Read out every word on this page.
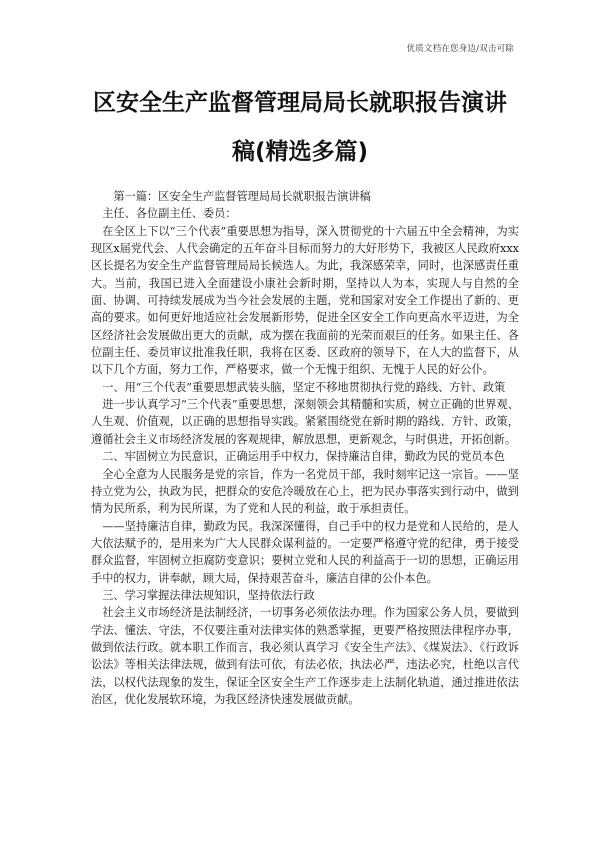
优质文档在您身边/双击可除
区安全生产监督管理局局长就职报告演讲
稿(精选多篇)

第一篇：区安全生产监督管理局局长就职报告演讲稿

主任、各位副主任、委员：

在全区上下以“三个代表”重要思想为指导，深入贯彻党的十六届五中全会精神，为实现区x届党代会、人代会确定的五年奋斗目标而努力的大好形势下，我被区人民政府xxx区长提名为安全生产监督管理局局长候选人。为此，我深感荣幸，同时，也深感责任重大。当前，我国已进入全面建设小康社会新时期，坚持以人为本，实现人与自然的全面、协调、可持续发展成为当今社会发展的主题，党和国家对安全工作提出了新的、更高的要求。如何更好地适应社会发展新形势，促进全区安全工作向更高水平迈进，为全区经济社会发展做出更大的贡献，成为摆在我面前的光荣而艰巨的任务。如果主任、各位副主任、委员审议批准我任职，我将在区委、区政府的领导下，在人大的监督下，从以下几个方面，努力工作，严格要求，做一个无愧于组织、无愧于人民的好公仆。

一、用“三个代表”重要思想武装头脑，坚定不移地贯彻执行党的路线、方针、政策

进一步认真学习“三个代表”重要思想，深刻领会其精髓和实质，树立正确的世界观、人生观、价值观，以正确的思想指导实践。紧紧围绕党在新时期的路线、方针、政策，遵循社会主义市场经济发展的客观规律，解放思想，更新观念，与时俱进，开拓创新。

二、牢固树立为民意识，正确运用手中权力，保持廉洁自律，勤政为民的党员本色

全心全意为人民服务是党的宗旨，作为一名党员干部，我时刻牢记这一宗旨。——坚持立党为公，执政为民，把群众的安危冷暖放在心上，把为民办事落实到行动中，做到情为民所系，利为民所谋，为了党和人民的利益，敢于承担责任。

——坚持廉洁自律，勤政为民。我深深懂得，自己手中的权力是党和人民给的，是人大依法赋予的，是用来为广大人民群众谋利益的。一定要严格遵守党的纪律，勇于接受群众监督，牢固树立拒腐防变意识；要树立党和人民的利益高于一切的思想，正确运用手中的权力，讲奉献，顾大局，保持艰苦奋斗，廉洁自律的公仆本色。

三、学习掌握法律法规知识，坚持依法行政

社会主义市场经济是法制经济，一切事务必须依法办理。作为国家公务人员，要做到学法、懂法、守法，不仅要注重对法律实体的熟悉掌握，更要严格按照法律程序办事，做到依法行政。就本职工作而言，我必须认真学习《安全生产法》、《煤炭法》、《行政诉讼法》等相关法律法规，做到有法可依，有法必依，执法必严，违法必究，杜绝以言代法，以权代法现象的发生，保证全区安全生产工作逐步走上法制化轨道，通过推进依法治区，优化发展软环境，为我区经济快速发展做贡献。
